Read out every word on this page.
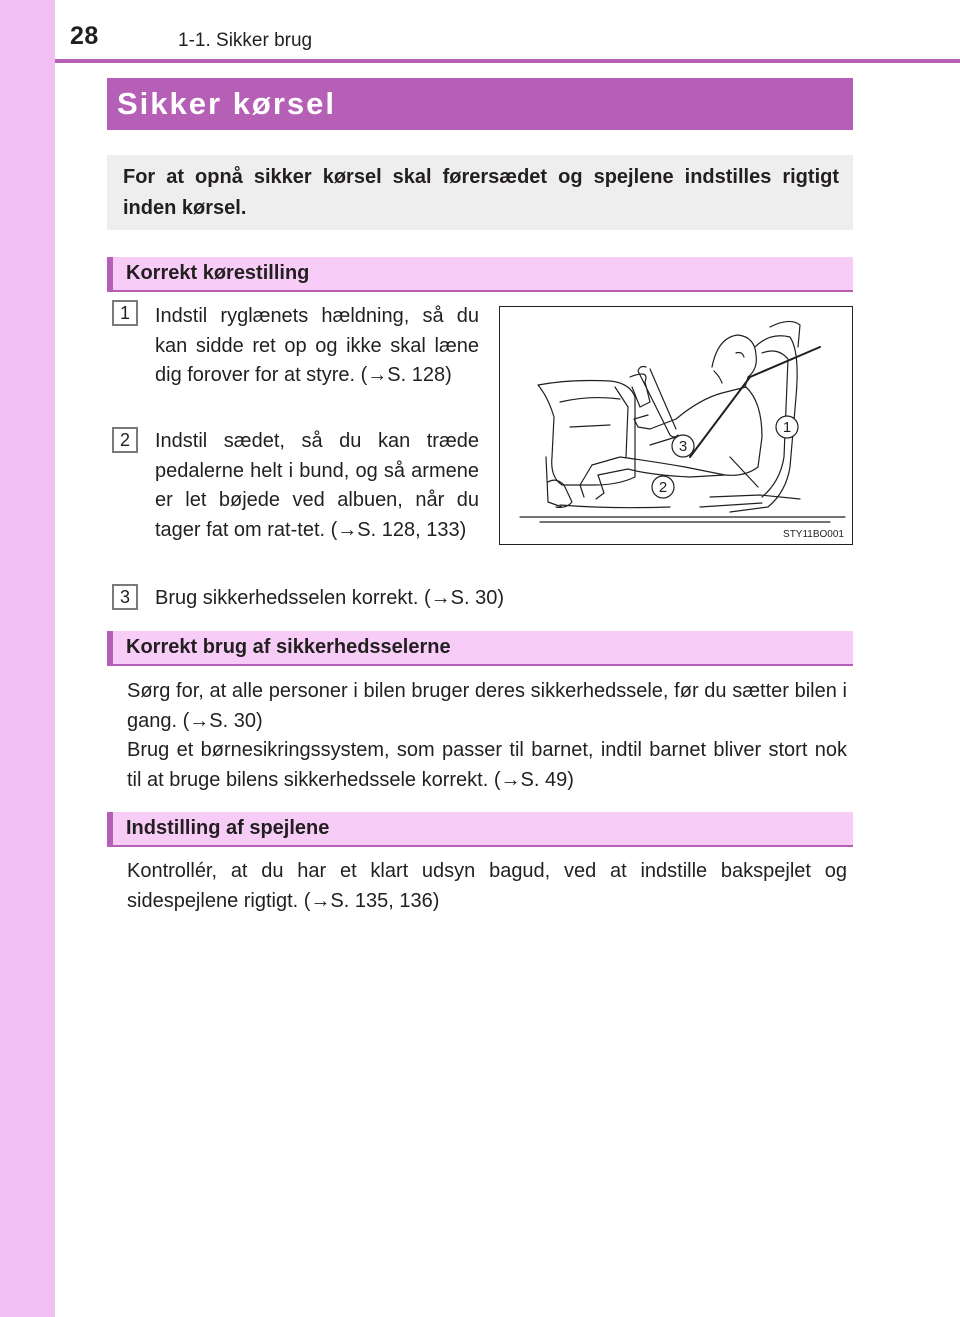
28	1-1. Sikker brug
Sikker kørsel
For at opnå sikker kørsel skal førersædet og spejlene indstilles rigtigt inden kørsel.
Korrekt kørestilling
1	Indstil ryglænets hældning, så du kan sidde ret op og ikke skal læne dig forover for at styre. (→S. 128)
2	Indstil sædet, så du kan træde pedalerne helt i bund, og så armene er let bøjede ved albuen, når du tager fat om rat-tet. (→S. 128, 133)
3	Brug sikkerhedsselen korrekt. (→S. 30)
1
3
2
STY11BO001
Korrekt brug af sikkerhedsselerne
Sørg for, at alle personer i bilen bruger deres sikkerhedssele, før du sætter bilen i gang. (→S. 30)
Brug et børnesikringssystem, som passer til barnet, indtil barnet bliver stort nok til at bruge bilens sikkerhedssele korrekt. (→S. 49)
Indstilling af spejlene
Kontrollér, at du har et klart udsyn bagud, ved at indstille bakspejlet og sidespejlene rigtigt. (→S. 135, 136)
